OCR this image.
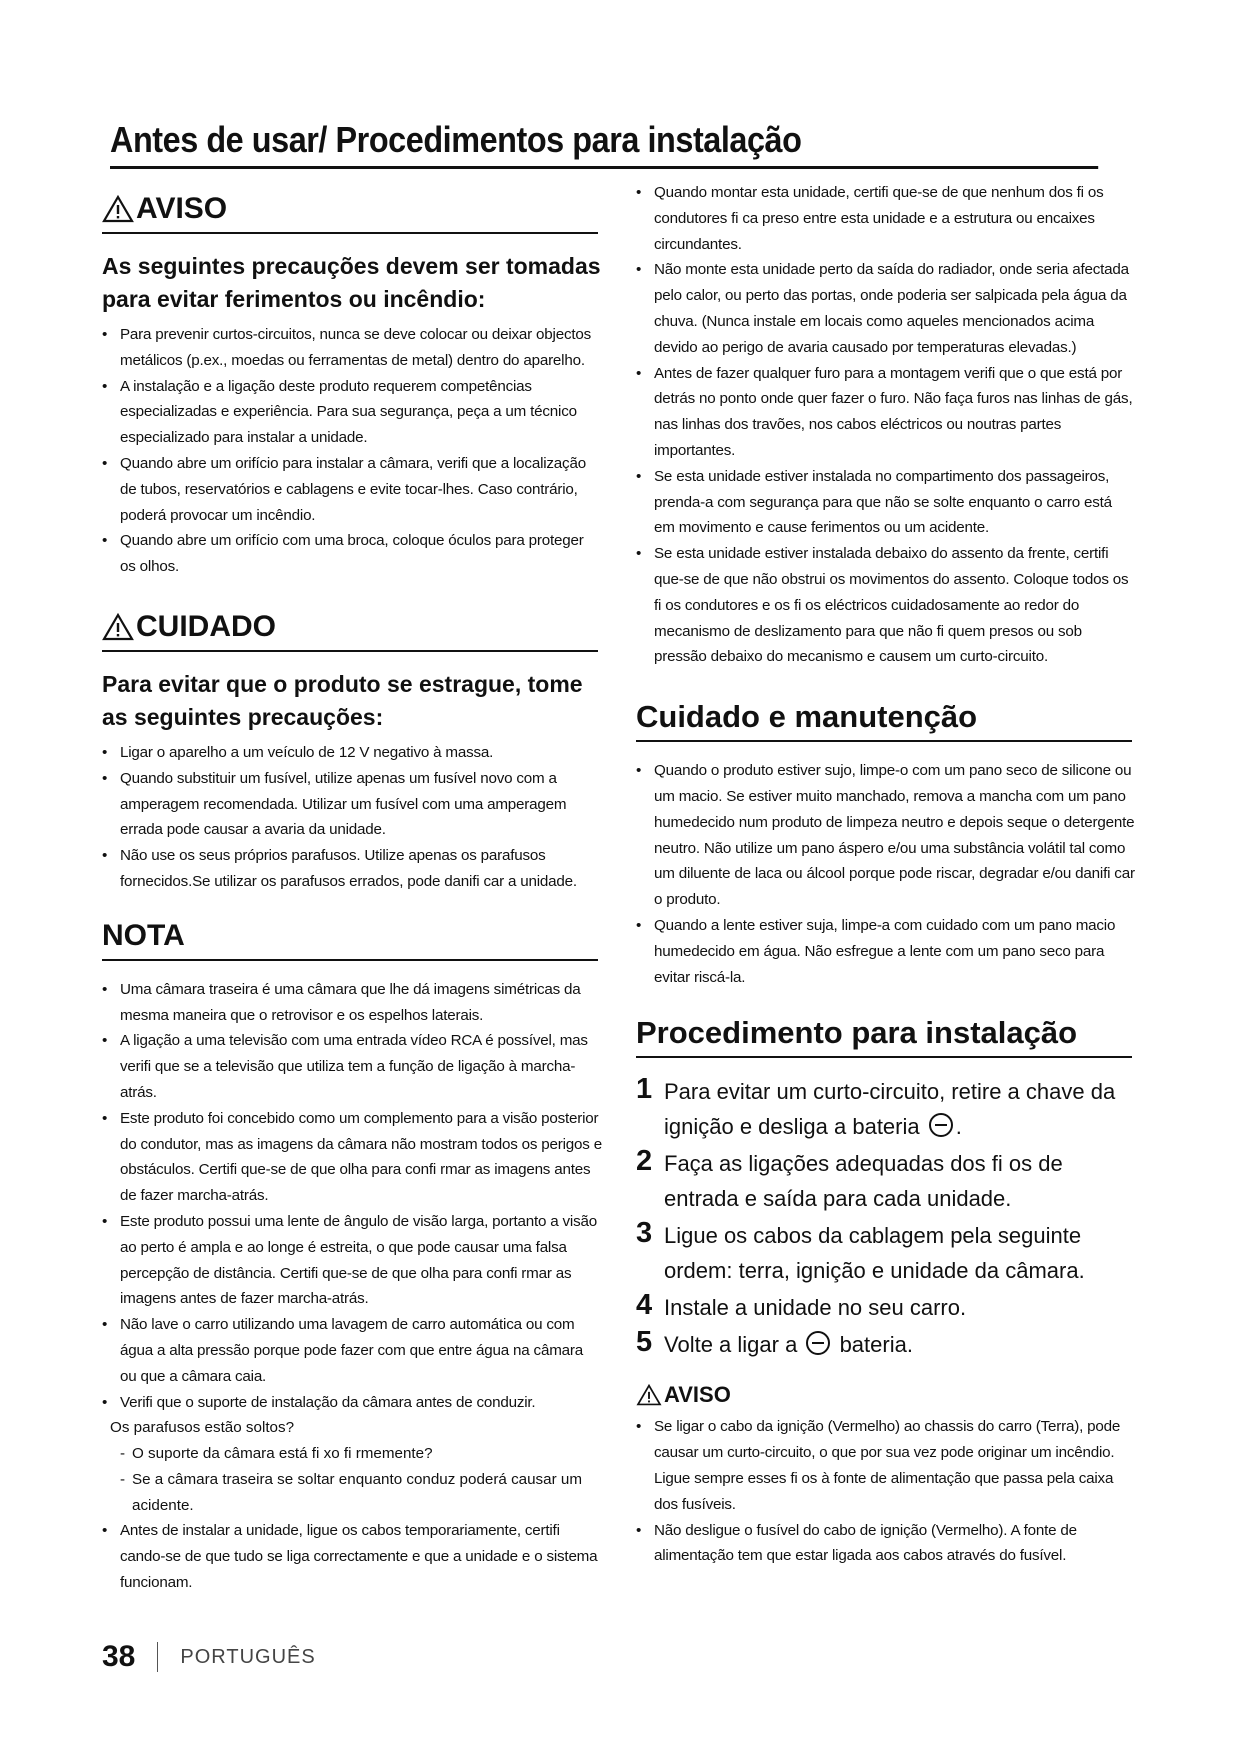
Antes de usar/ Procedimentos para instalação
AVISO
As seguintes precauções devem ser tomadas para evitar ferimentos ou incêndio:
• Para prevenir curtos-circuitos, nunca se deve colocar ou deixar objectos metálicos (p.ex., moedas ou ferramentas de metal) dentro do aparelho.
• A instalação e a ligação deste produto requerem competências especializadas e experiência. Para sua segurança, peça a um técnico especializado para instalar a unidade.
• Quando abre um orifício para instalar a câmara, verifi que a localização de tubos, reservatórios e cablagens e evite tocar-lhes. Caso contrário, poderá provocar um incêndio.
• Quando abre um orifício com uma broca, coloque óculos para proteger os olhos.
CUIDADO
Para evitar que o produto se estrague, tome as seguintes precauções:
• Ligar o aparelho a um veículo de 12 V negativo à massa.
• Quando substituir um fusível, utilize apenas um fusível novo com a amperagem recomendada. Utilizar um fusível com uma amperagem errada pode causar a avaria da unidade.
• Não use os seus próprios parafusos. Utilize apenas os parafusos fornecidos.Se utilizar os parafusos errados, pode danifi car a unidade.
NOTA
• Uma câmara traseira é uma câmara que lhe dá imagens simétricas da mesma maneira que o retrovisor e os espelhos laterais.
• A ligação a uma televisão com uma entrada vídeo RCA é possível, mas verifi que se a televisão que utiliza tem a função de ligação à marcha-atrás.
• Este produto foi concebido como um complemento para a visão posterior do condutor, mas as imagens da câmara não mostram todos os perigos e obstáculos. Certifi que-se de que olha para confi rmar as imagens antes de fazer marcha-atrás.
• Este produto possui uma lente de ângulo de visão larga, portanto a visão ao perto é ampla e ao longe é estreita, o que pode causar uma falsa percepção de distância. Certifi que-se de que olha para confi rmar as imagens antes de fazer marcha-atrás.
• Não lave o carro utilizando uma lavagem de carro automática ou com água a alta pressão porque pode fazer com que entre água na câmara ou que a câmara caia.
• Verifi que o suporte de instalação da câmara antes de conduzir.
Os parafusos estão soltos?
- O suporte da câmara está fi xo fi rmemente?
- Se a câmara traseira se soltar enquanto conduz poderá causar um acidente.
• Antes de instalar a unidade, ligue os cabos temporariamente, certifi cando-se de que tudo se liga correctamente e que a unidade e o sistema funcionam.
• Quando montar esta unidade, certifi que-se de que nenhum dos fi os condutores fi ca preso entre esta unidade e a estrutura ou encaixes circundantes.
• Não monte esta unidade perto da saída do radiador, onde seria afectada pelo calor, ou perto das portas, onde poderia ser salpicada pela água da chuva. (Nunca instale em locais como aqueles mencionados acima devido ao perigo de avaria causado por temperaturas elevadas.)
• Antes de fazer qualquer furo para a montagem verifi que o que está por detrás no ponto onde quer fazer o furo. Não faça furos nas linhas de gás, nas linhas dos travões, nos cabos eléctricos ou noutras partes importantes.
• Se esta unidade estiver instalada no compartimento dos passageiros, prenda-a com segurança para que não se solte enquanto o carro está em movimento e cause ferimentos ou um acidente.
• Se esta unidade estiver instalada debaixo do assento da frente, certifi que-se de que não obstrui os movimentos do assento. Coloque todos os fi os condutores e os fi os eléctricos cuidadosamente ao redor do mecanismo de deslizamento para que não fi quem presos ou sob pressão debaixo do mecanismo e causem um curto-circuito.
Cuidado e manutenção
• Quando o produto estiver sujo, limpe-o com um pano seco de silicone ou um macio. Se estiver muito manchado, remova a mancha com um pano humedecido num produto de limpeza neutro e depois seque o detergente neutro. Não utilize um pano áspero e/ou uma substância volátil tal como um diluente de laca ou álcool porque pode riscar, degradar e/ou danifi car o produto.
• Quando a lente estiver suja, limpe-a com cuidado com um pano macio humedecido em água. Não esfregue a lente com um pano seco para evitar riscá-la.
Procedimento para instalação
1 Para evitar um curto-circuito, retire a chave da ignição e desliga a bateria .
2 Faça as ligações adequadas dos fi os de entrada e saída para cada unidade.
3 Ligue os cabos da cablagem pela seguinte ordem: terra, ignição e unidade da câmara.
4 Instale a unidade no seu carro.
5 Volte a ligar a bateria.
AVISO
• Se ligar o cabo da ignição (Vermelho) ao chassis do carro (Terra), pode causar um curto-circuito, o que por sua vez pode originar um incêndio. Ligue sempre esses fi os à fonte de alimentação que passa pela caixa dos fusíveis.
• Não desligue o fusível do cabo de ignição (Vermelho). A fonte de alimentação tem que estar ligada aos cabos através do fusível.
38 PORTUGUÊS
